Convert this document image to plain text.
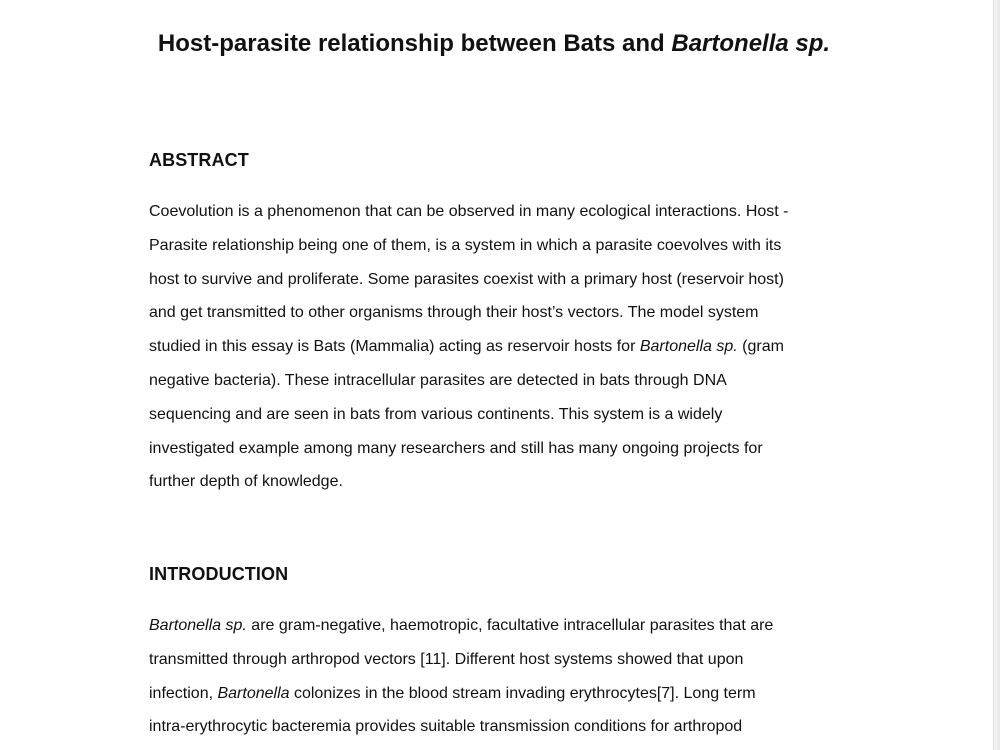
Host-parasite relationship between Bats and Bartonella sp.
ABSTRACT
Coevolution is a phenomenon that can be observed in many ecological interactions. Host -
Parasite relationship being one of them, is a system in which a parasite coevolves with its
host to survive and proliferate. Some parasites coexist with a primary host (reservoir host)
and get transmitted to other organisms through their host’s vectors. The model system
studied in this essay is Bats (Mammalia) acting as reservoir hosts for Bartonella sp. (gram
negative bacteria). These intracellular parasites are detected in bats through DNA
sequencing and are seen in bats from various continents. This system is a widely
investigated example among many researchers and still has many ongoing projects for
further depth of knowledge.
INTRODUCTION
Bartonella sp. are gram-negative, haemotropic, facultative intracellular parasites that are
transmitted through arthropod vectors [11]. Different host systems showed that upon
infection, Bartonella colonizes in the blood stream invading erythrocytes[7]. Long term
intra-erythrocytic bacteremia provides suitable transmission conditions for arthropod
